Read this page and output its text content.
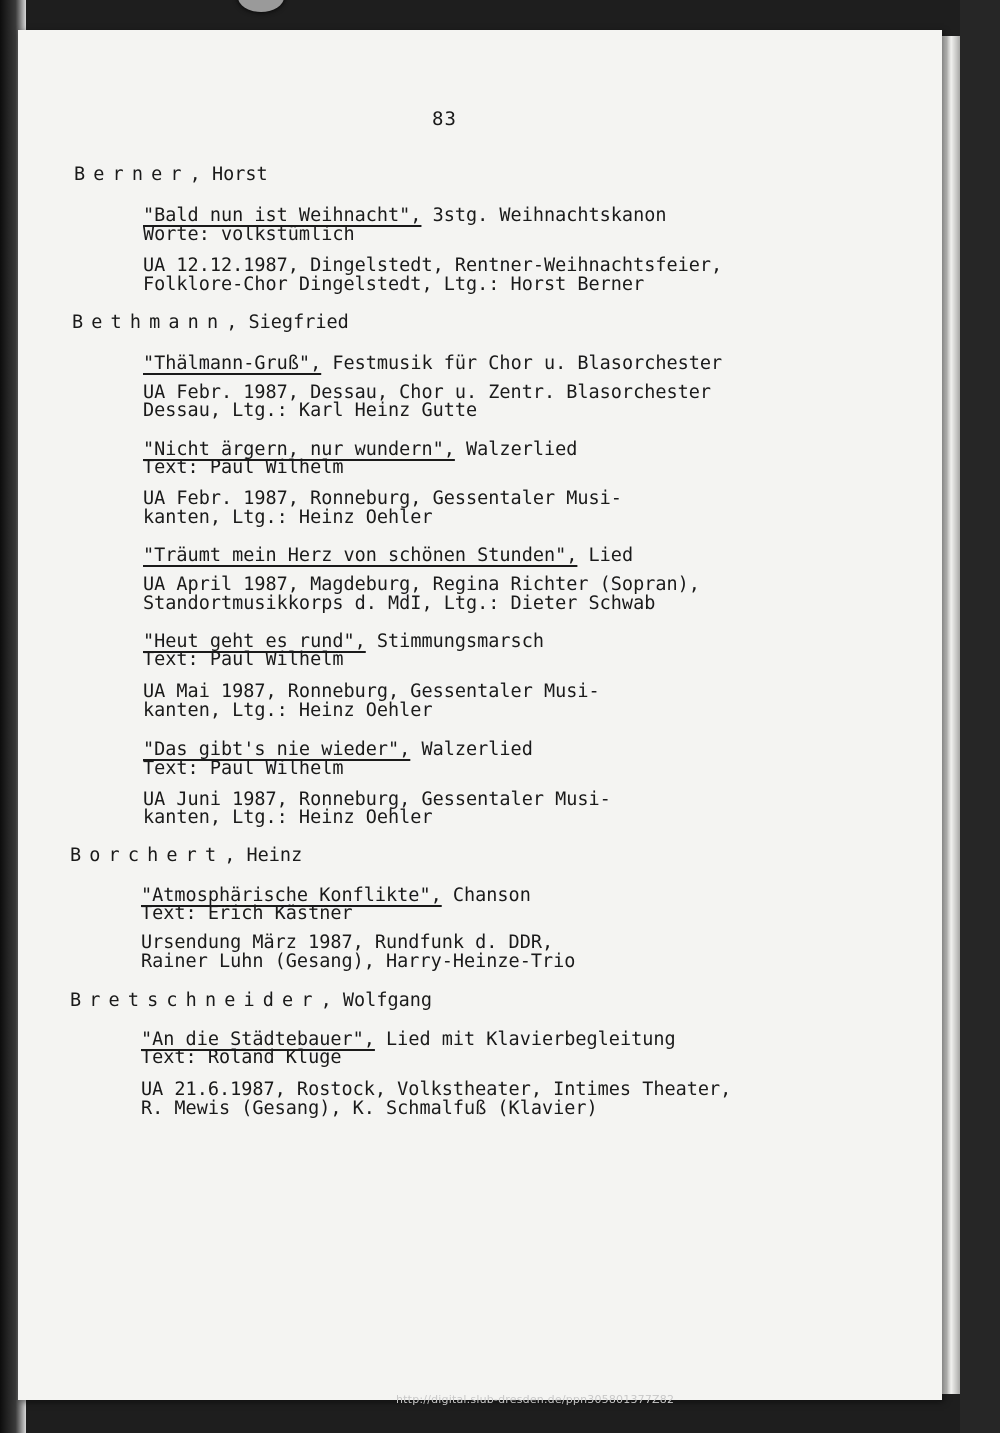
83
Berner, Horst
"Bald nun ist Weihnacht", 3stg. Weihnachtskanon
Worte: volkstümlich
UA 12.12.1987, Dingelstedt, Rentner-Weihnachtsfeier,
Folklore-Chor Dingelstedt, Ltg.: Horst Berner
Bethmann, Siegfried
"Thälmann-Gruß", Festmusik für Chor u. Blasorchester
UA Febr. 1987, Dessau, Chor u. Zentr. Blasorchester
Dessau, Ltg.: Karl Heinz Gutte
"Nicht ärgern, nur wundern", Walzerlied
Text: Paul Wilhelm
UA Febr. 1987, Ronneburg, Gessentaler Musi-
kanten, Ltg.: Heinz Oehler
"Träumt mein Herz von schönen Stunden", Lied
UA April 1987, Magdeburg, Regina Richter (Sopran),
Standortmusikkorps d. MdI, Ltg.: Dieter Schwab
"Heut geht es rund", Stimmungsmarsch
Text: Paul Wilhelm
UA Mai 1987, Ronneburg, Gessentaler Musi-
kanten, Ltg.: Heinz Oehler
"Das gibt's nie wieder", Walzerlied
Text: Paul Wilhelm
UA Juni 1987, Ronneburg, Gessentaler Musi-
kanten, Ltg.: Heinz Oehler
Borchert, Heinz
"Atmosphärische Konflikte", Chanson
Text: Erich Kästner
Ursendung März 1987, Rundfunk d. DDR,
Rainer Luhn (Gesang), Harry-Heinze-Trio
Bretschneider, Wolfgang
"An die Städtebauer", Lied mit Klavierbegleitung
Text: Roland Kluge
UA 21.6.1987, Rostock, Volkstheater, Intimes Theater,
R. Mewis (Gesang), K. Schmalfuß (Klavier)
http://digital.slub-dresden.de/ppn305801377Z82
